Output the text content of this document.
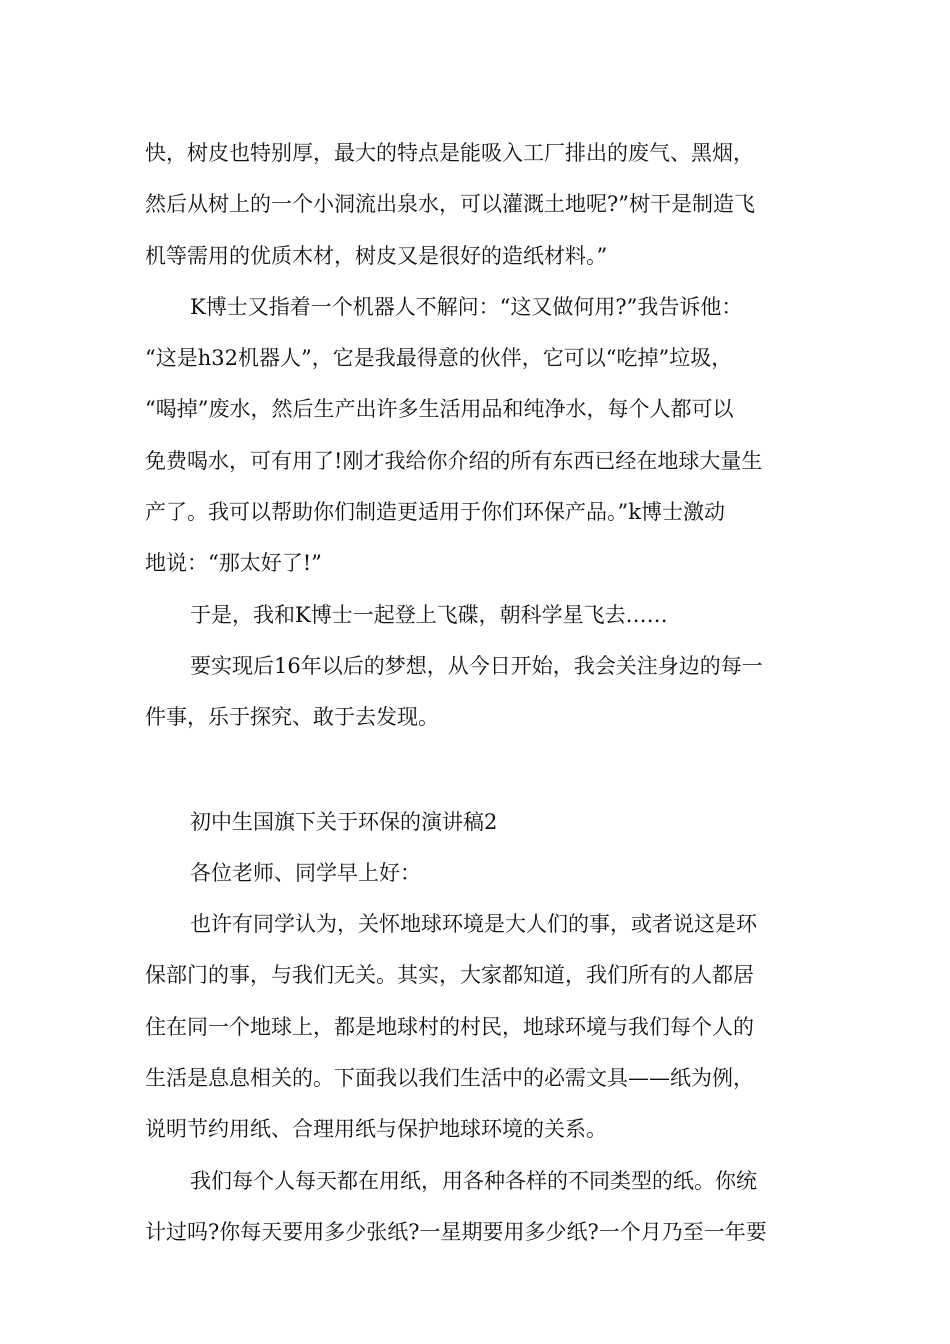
快，树皮也特别厚，最大的特点是能吸入工厂排出的废气、黑烟，
然后从树上的一个小洞流出泉水，可以灌溉土地呢?”树干是制造飞
机等需用的优质木材，树皮又是很好的造纸材料。”
K博士又指着一个机器人不解问：“这又做何用?”我告诉他：
“这是h32机器人”，它是我最得意的伙伴，它可以“吃掉”垃圾，
“喝掉”废水，然后生产出许多生活用品和纯净水，每个人都可以
免费喝水，可有用了!刚才我给你介绍的所有东西已经在地球大量生
产了。我可以帮助你们制造更适用于你们环保产品。”k博士激动
地说：“那太好了!”
于是，我和K博士一起登上飞碟，朝科学星飞去……
要实现后16年以后的梦想，从今日开始，我会关注身边的每一
件事，乐于探究、敢于去发现。
初中生国旗下关于环保的演讲稿2
各位老师、同学早上好：
也许有同学认为，关怀地球环境是大人们的事，或者说这是环
保部门的事，与我们无关。其实，大家都知道，我们所有的人都居
住在同一个地球上，都是地球村的村民，地球环境与我们每个人的
生活是息息相关的。下面我以我们生活中的必需文具——纸为例，
说明节约用纸、合理用纸与保护地球环境的关系。
我们每个人每天都在用纸，用各种各样的不同类型的纸。你统
计过吗?你每天要用多少张纸?一星期要用多少纸?一个月乃至一年要
